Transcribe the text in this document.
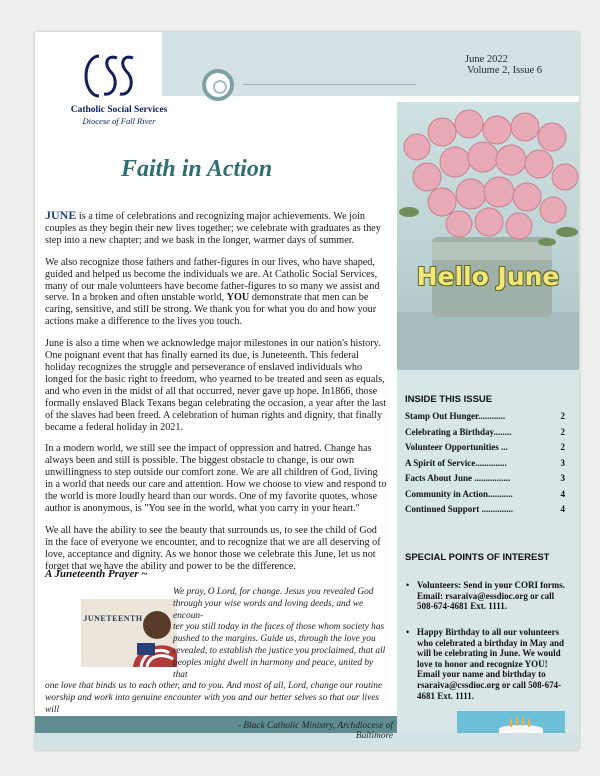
Catholic Social Services
Diocese of Fall River
June 2022
Volume 2, Issue 6
Faith in Action

JUNE is a time of celebrations and recognizing major achievements. We join couples as they begin their new lives together; we celebrate with graduates as they step into a new chapter; and we bask in the longer, warmer days of summer.

We also recognize those fathers and father-figures in our lives, who have shaped, guided and helped us become the individuals we are. At Catholic Social Services, many of our male volunteers have become father-figures to so many we assist and serve. In a broken and often unstable world, YOU demonstrate that men can be caring, sensitive, and still be strong. We thank you for what you do and how your actions make a difference to the lives you touch.

June is also a time when we acknowledge major milestones in our nation's history. One poignant event that has finally earned its due, is Juneteenth. This federal holiday recognizes the struggle and perseverance of enslaved individuals who longed for the basic right to freedom, who yearned to be treated and seen as equals, and who even in the midst of all that occurred, never gave up hope. In1866, those formally enslaved Black Texans began celebrating the occasion, a year after the last of the slaves had been freed. A celebration of human rights and dignity, that finally became a federal holiday in 2021.

In a modern world, we still see the impact of oppression and hatred. Change has always been and still is possible. The biggest obstacle to change, is our own unwillingness to step outside our comfort zone. We are all children of God, living in a world that needs our care and attention. How we choose to view and respond to the world is more loudly heard than our words. One of my favorite quotes, whose author is anonymous, is "You see in the world, what you carry in your heart."

We all have the ability to see the beauty that surrounds us, to see the child of God in the face of everyone we encounter, and to recognize that we are all deserving of love, acceptance and dignity. As we honor those we celebrate this June, let us not forget that we have the ability and power to be the difference.

A Juneteenth Prayer ~
JUNETEENTH
We pray, O Lord, for change. Jesus you revealed God
through your wise words and loving deeds, and we encoun-
ter you still today in the faces of those whom society has
pushed to the margins. Guide us, through the love you
revealed, to establish the justice you proclaimed, that all
peoples might dwell in harmony and peace, united by that
one love that binds us to each other, and to you. And most of all, Lord, change our routine
worship and work into genuine encounter with you and our better selves so that our lives will
- Black Catholic Ministry, Archdiocese of Baltimore
Hello June
INSIDE THIS ISSUE
Stamp Out Hunger............	2
Celebrating a Birthday........	2
Volunteer Opportunities ...	2
A Spirit of Service..............	3
Facts About June ................	3
Community in Action...........	4
Continued Support ..............	4
SPECIAL POINTS OF INTEREST
• Volunteers: Send in your CORI forms. Email: rsaraiva@essdioc.org or call 508-674-4681 Ext. 1111.
• Happy Birthday to all our volunteers who celebrated a birthday in May and will be celebrating in June. We would love to honor and recognize YOU! Email your name and birthday to rsaraiva@cssdioc.org or call 508-674-4681 Ext. 1111.
